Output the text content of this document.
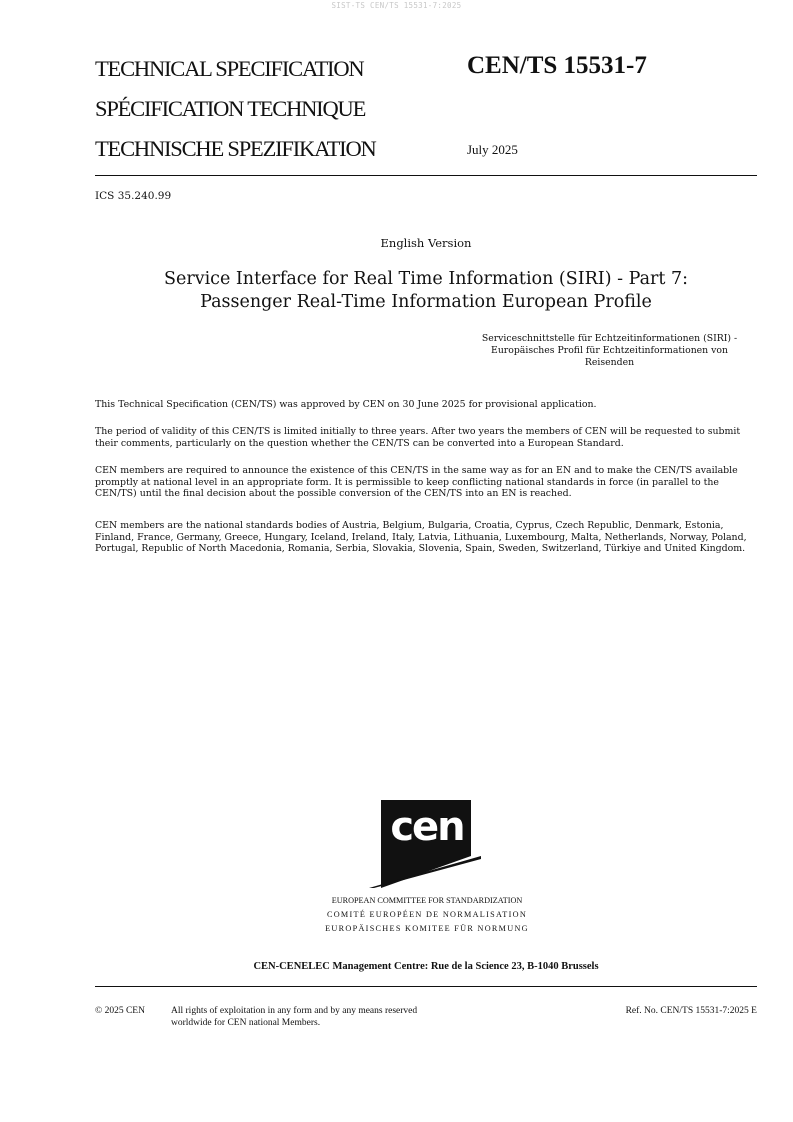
SIST-TS CEN/TS 15531-7:2025
TECHNICAL SPECIFICATION
SPÉCIFICATION TECHNIQUE
TECHNISCHE SPEZIFIKATION
CEN/TS 15531-7
July 2025
ICS 35.240.99
English Version
Service Interface for Real Time Information (SIRI) - Part 7:
Passenger Real-Time Information European Profile
Serviceschnittstelle für Echtzeitinformationen (SIRI) -
Europäisches Profil für Echtzeitinformationen von
Reisenden

This Technical Specification (CEN/TS) was approved by CEN on 30 June 2025 for provisional application.

The period of validity of this CEN/TS is limited initially to three years. After two years the members of CEN will be requested to submit their comments, particularly on the question whether the CEN/TS can be converted into a European Standard.

CEN members are required to announce the existence of this CEN/TS in the same way as for an EN and to make the CEN/TS available promptly at national level in an appropriate form. It is permissible to keep conflicting national standards in force (in parallel to the CEN/TS) until the final decision about the possible conversion of the CEN/TS into an EN is reached.

CEN members are the national standards bodies of Austria, Belgium, Bulgaria, Croatia, Cyprus, Czech Republic, Denmark, Estonia, Finland, France, Germany, Greece, Hungary, Iceland, Ireland, Italy, Latvia, Lithuania, Luxembourg, Malta, Netherlands, Norway, Poland, Portugal, Republic of North Macedonia, Romania, Serbia, Slovakia, Slovenia, Spain, Sweden, Switzerland, Türkiye and United Kingdom.

cen
EUROPEAN COMMITTEE FOR STANDARDIZATION
COMITÉ EUROPÉEN DE NORMALISATION
EUROPÄISCHES KOMITEE FÜR NORMUNG
CEN-CENELEC Management Centre: Rue de la Science 23, B-1040 Brussels
© 2025 CEN	All rights of exploitation in any form and by any means reserved
worldwide for CEN national Members.
Ref. No. CEN/TS 15531-7:2025 E
